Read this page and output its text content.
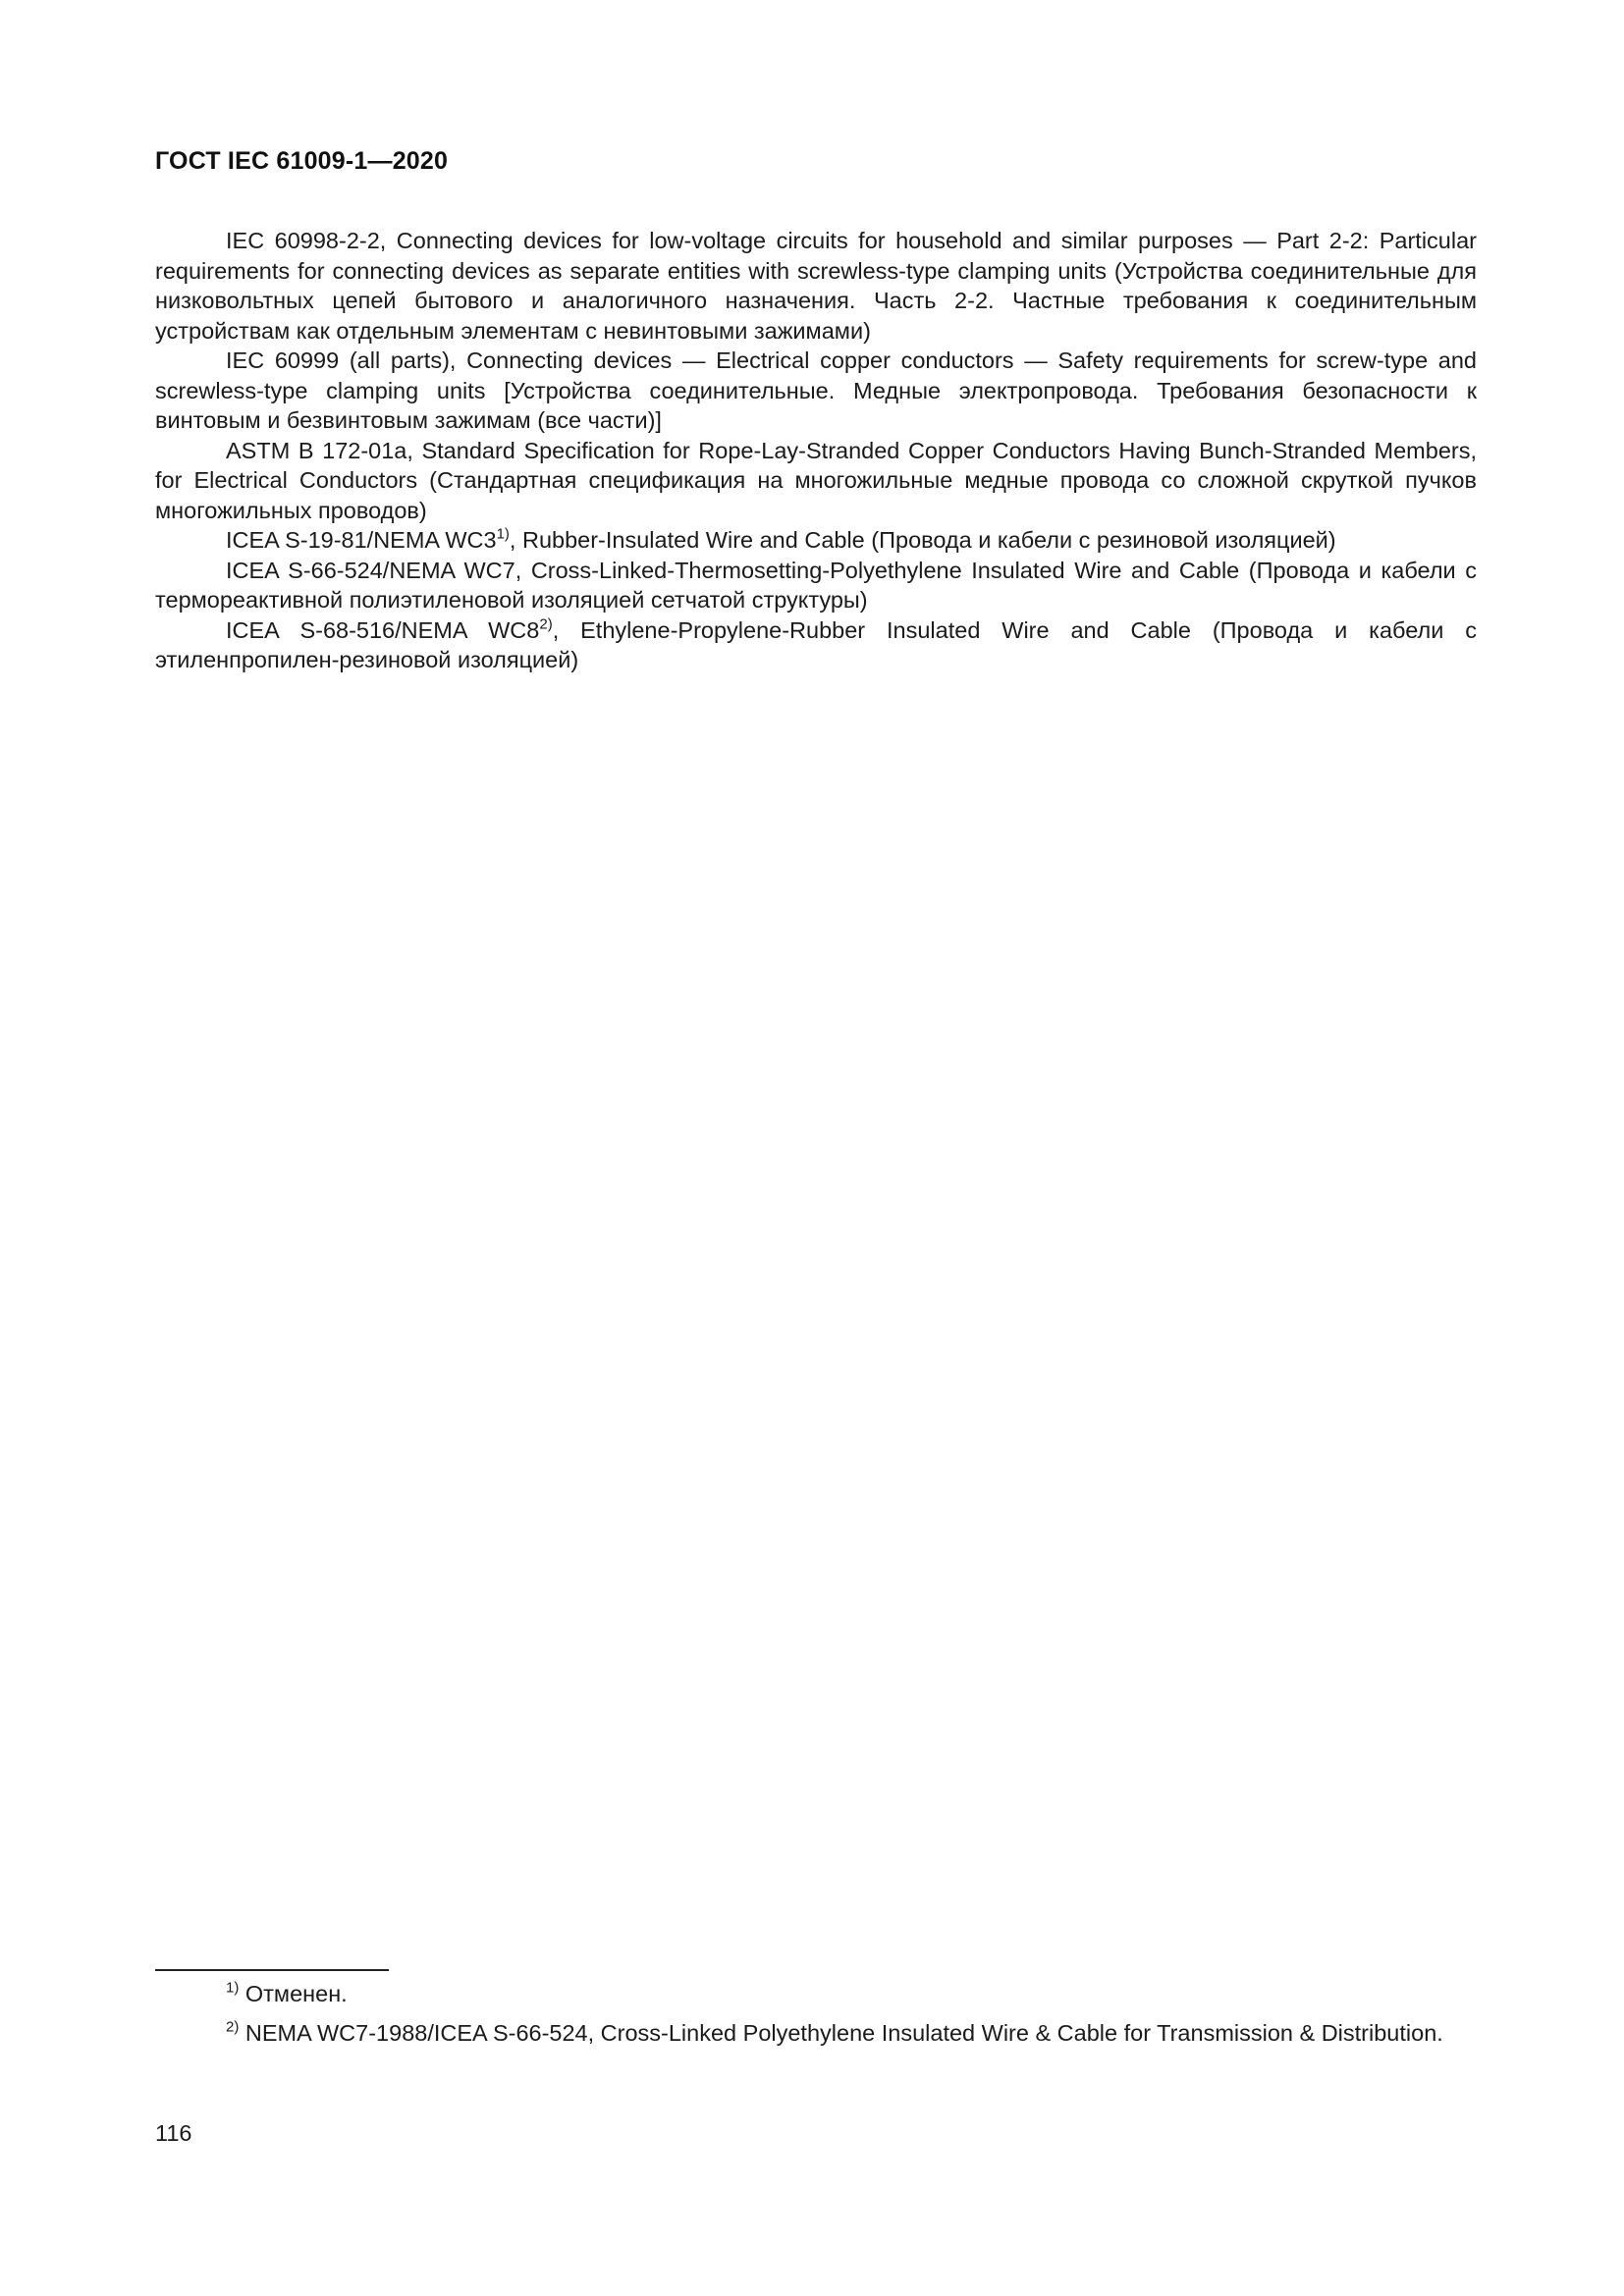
ГОСТ IEC 61009-1—2020

IEC 60998-2-2, Connecting devices for low-voltage circuits for household and similar purposes — Part 2-2: Particular requirements for connecting devices as separate entities with screwless-type clamping units (Устройства соединительные для низковольтных цепей бытового и аналогичного назначения. Часть 2-2. Частные требования к соединительным устройствам как отдельным элементам с невинтовыми зажимами)

IEC 60999 (all parts), Connecting devices — Electrical copper conductors — Safety requirements for screw-type and screwless-type clamping units [Устройства соединительные. Медные электропровода. Требования безопасности к винтовым и безвинтовым зажимам (все части)]

ASTM B 172-01a, Standard Specification for Rope-Lay-Stranded Copper Conductors Having Bunch-Stranded Members, for Electrical Conductors (Стандартная спецификация на многожильные медные провода со сложной скруткой пучков многожильных проводов)

ICEA S-19-81/NEMA WC3$^{1)}$, Rubber-Insulated Wire and Cable (Провода и кабели с резиновой изоляцией)

ICEA S-66-524/NEMA WC7, Cross-Linked-Thermosetting-Polyethylene Insulated Wire and Cable (Провода и кабели с термореактивной полиэтиленовой изоляцией сетчатой структуры)

ICEA S-68-516/NEMA WC8$^{2)}$, Ethylene-Propylene-Rubber Insulated Wire and Cable (Провода и кабели с этиленпропилен-резиновой изоляцией)

$^{1)}$ Отменен.

$^{2)}$ NEMA WC7-1988/ICEA S-66-524, Cross-Linked Polyethylene Insulated Wire & Cable for Transmission & Distribution.

116
